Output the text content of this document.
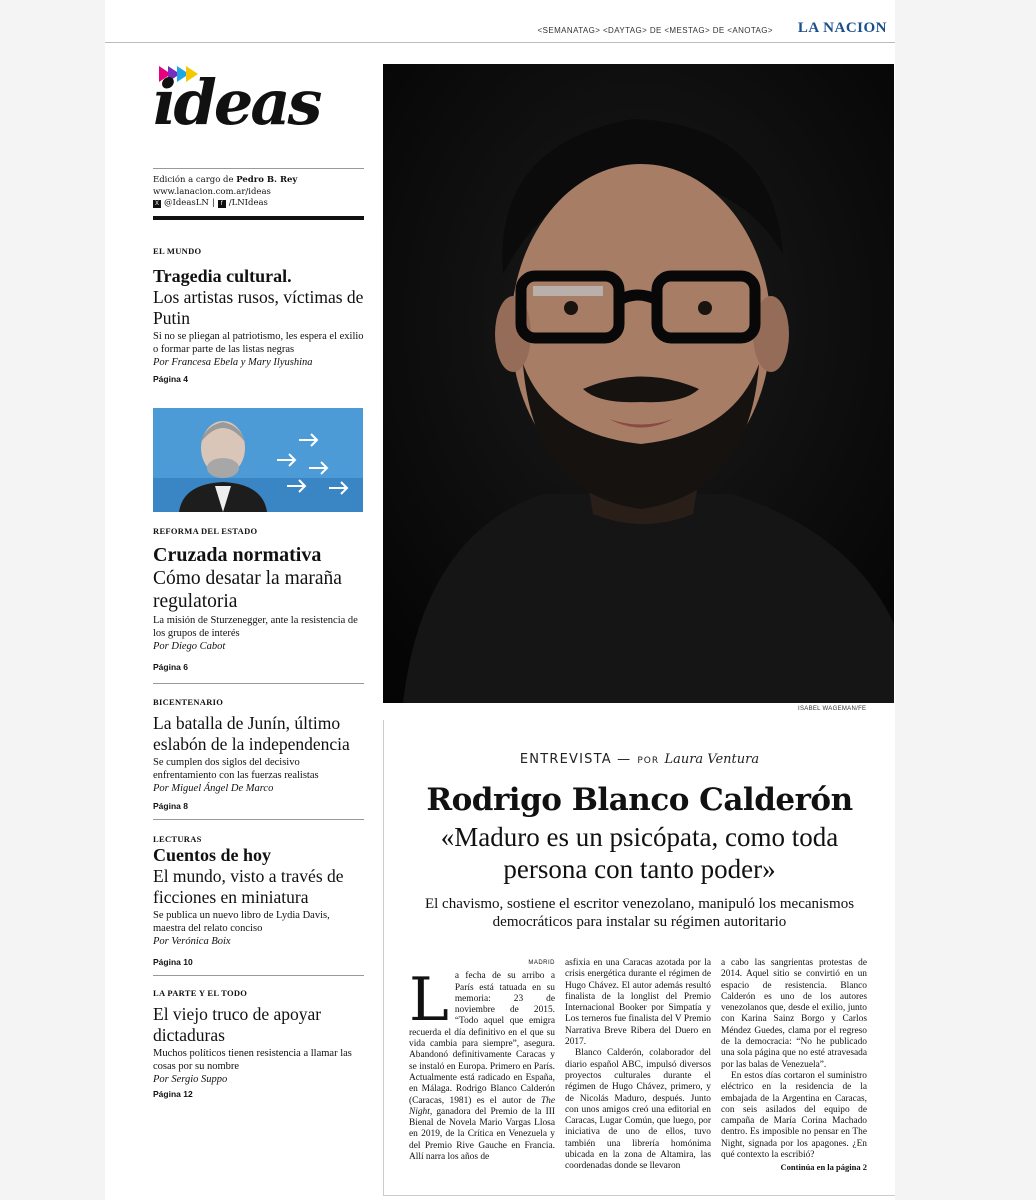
<SEMANATAG> <DAYTAG> DE <MESTAG> DE <ANOTAG> LA NACION
ideas
Edición a cargo de Pedro B. Rey
www.lanacion.com.ar/ideas
X @IdeasLN |	f /LNIdeas
EL MUNDO
Tragedia cultural.
Los artistas rusos, víctimas de Putin
Si no se pliegan al patriotismo, les espera el exilio o formar parte de las listas negras
Por Francesa Ebela y Mary Ilyushina
Página 4
REFORMA DEL ESTADO
Cruzada normativa
Cómo desatar la maraña regulatoria
La misión de Sturzenegger, ante la resistencia de los grupos de interés
Por Diego Cabot
Página 6
BICENTENARIO
La batalla de Junín, último eslabón de la independencia
Se cumplen dos siglos del decisivo enfrentamiento con las fuerzas realistas
Por Miguel Ángel De Marco
Página 8
LECTURAS
Cuentos de hoy
El mundo, visto a través de ficciones en miniatura
Se publica un nuevo libro de Lydia Davis, maestra del relato conciso
Por Verónica Boix
Página 10
LA PARTE Y EL TODO
El viejo truco de apoyar dictaduras
Muchos políticos tienen resistencia a llamar las cosas por su nombre
Por Sergio Suppo
Página 12
ISABEL WAGEMAN/FE
ENTREVISTA — POR Laura Ventura
Rodrigo Blanco Calderón
«Maduro es un psicópata, como toda persona con tanto poder»
El chavismo, sostiene el escritor venezolano, manipuló los mecanismos democráticos para instalar su régimen autoritario
MADRID
L a fecha de su arribo a París está tatuada en su memoria: 23 de noviembre de 2015. “Todo aquel que emigra recuerda el día definitivo en el que su vida cambia para siempre”, asegura. Abandonó definitivamente Caracas y se instaló en Europa. Primero en París. Actualmente está radicado en España, en Málaga. Rodrigo Blanco Calderón (Caracas, 1981) es el autor de The Night, ganadora del Premio de la III Bienal de Novela Mario Vargas Llosa en 2019, de la Crítica en Venezuela y del Premio Rive Gauche en Francia. Allí narra los años de

asfixia en una Caracas azotada por la crisis energética durante el régimen de Hugo Chávez. El autor además resultó finalista de la longlist del Premio Internacional Booker por Simpatía y Los terneros fue finalista del V Premio Narrativa Breve Ribera del Duero en 2017.

Blanco Calderón, colaborador del diario español ABC, impulsó diversos proyectos culturales durante el régimen de Hugo Chávez, primero, y de Nicolás Maduro, después. Junto con unos amigos creó una editorial en Caracas, Lugar Común, que luego, por iniciativa de uno de ellos, tuvo también una librería homónima ubicada en la zona de Altamira, las coordenadas donde se llevaron

a cabo las sangrientas protestas de 2014. Aquel sitio se convirtió en un espacio de resistencia. Blanco Calderón es uno de los autores venezolanos que, desde el exilio, junto con Karina Sainz Borgo y Carlos Méndez Guedes, clama por el regreso de la democracia: “No he publicado una sola página que no esté atravesada por las balas de Venezuela”.

En estos días cortaron el suministro eléctrico en la residencia de la embajada de la Argentina en Caracas, con seis asilados del equipo de campaña de María Corina Machado dentro. Es imposible no pensar en The Night, signada por los apagones. ¿En qué contexto la escribió?

Continúa en la página 2
